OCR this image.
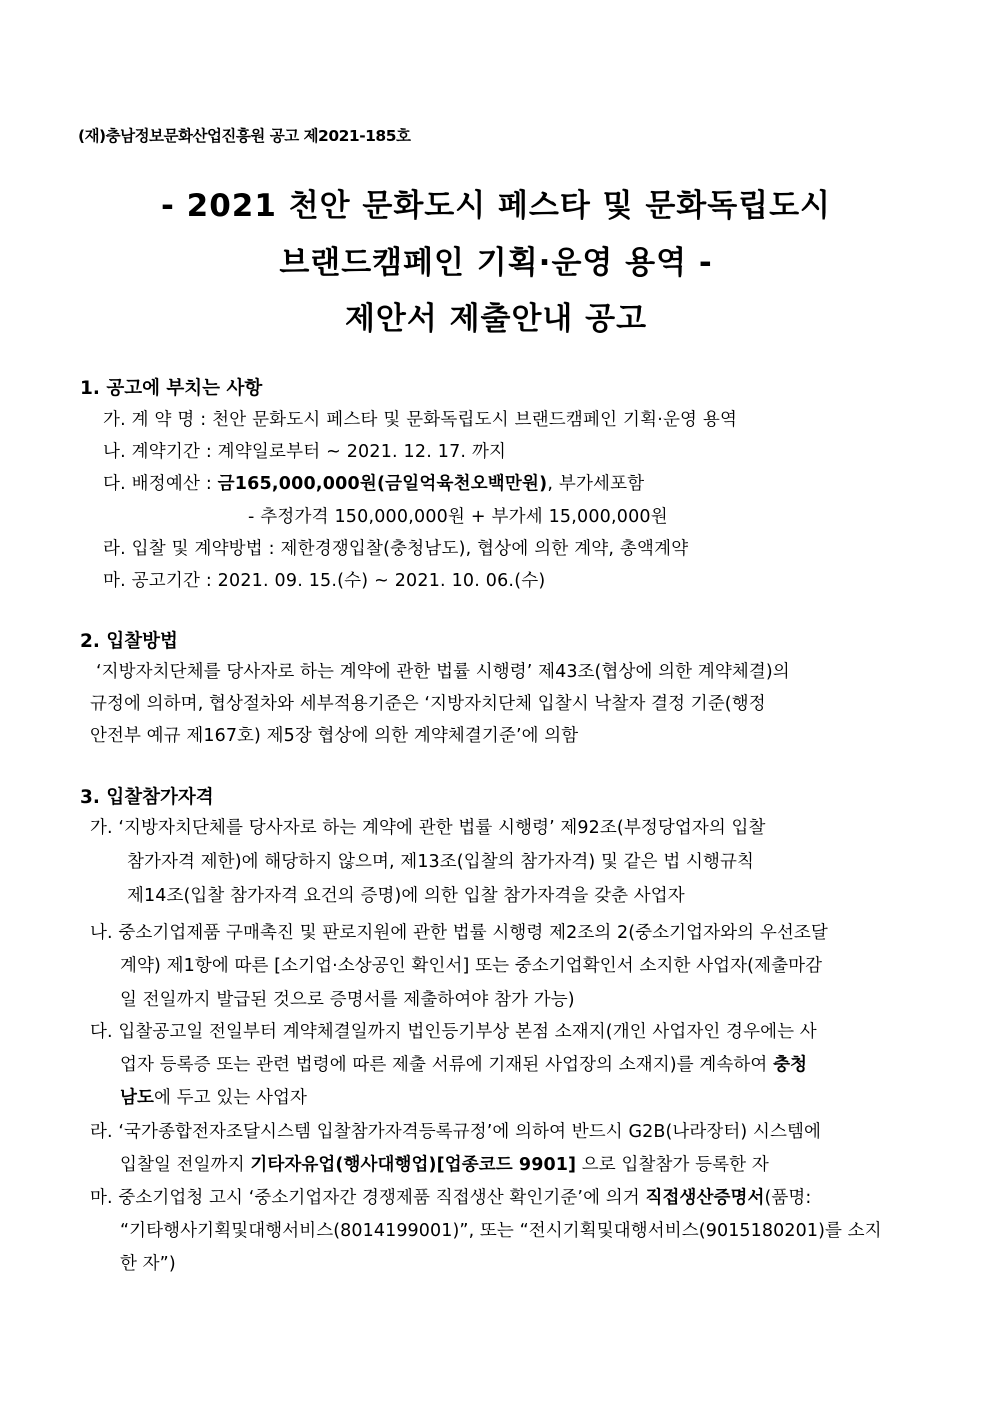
(재)충남정보문화산업진흥원 공고 제2021-185호
- 2021 천안 문화도시 페스타 및 문화독립도시
브랜드캠페인 기획·운영 용역 -
제안서 제출안내 공고
1. 공고에 부치는 사항
가. 계 약 명 : 천안 문화도시 페스타 및 문화독립도시 브랜드캠페인 기획·운영 용역
나. 계약기간 : 계약일로부터 ~ 2021. 12. 17. 까지
다. 배정예산 : 금165,000,000원(금일억육천오백만원), 부가세포함
- 추정가격 150,000,000원 + 부가세 15,000,000원
라. 입찰 및 계약방법 : 제한경쟁입찰(충청남도), 협상에 의한 계약, 총액계약
마. 공고기간 : 2021. 09. 15.(수) ~ 2021. 10. 06.(수)
2. 입찰방법
‘지방자치단체를 당사자로 하는 계약에 관한 법률 시행령’ 제43조(협상에 의한 계약체결)의
규정에 의하며, 협상절차와 세부적용기준은 ‘지방자치단체 입찰시 낙찰자 결정 기준(행정
안전부 예규 제167호) 제5장 협상에 의한 계약체결기준’에 의함
3. 입찰참가자격
가. ‘지방자치단체를 당사자로 하는 계약에 관한 법률 시행령’ 제92조(부정당업자의 입찰
참가자격 제한)에 해당하지 않으며, 제13조(입찰의 참가자격) 및 같은 법 시행규칙
제14조(입찰 참가자격 요건의 증명)에 의한 입찰 참가자격을 갖춘 사업자
나. 중소기업제품 구매촉진 및 판로지원에 관한 법률 시행령 제2조의 2(중소기업자와의 우선조달
계약) 제1항에 따른 [소기업·소상공인 확인서] 또는 중소기업확인서 소지한 사업자(제출마감
일 전일까지 발급된 것으로 증명서를 제출하여야 참가 가능)
다. 입찰공고일 전일부터 계약체결일까지 법인등기부상 본점 소재지(개인 사업자인 경우에는 사
업자 등록증 또는 관련 법령에 따른 제출 서류에 기재된 사업장의 소재지)를 계속하여 충청
남도에 두고 있는 사업자
라. ‘국가종합전자조달시스템 입찰참가자격등록규정’에 의하여 반드시 G2B(나라장터) 시스템에
입찰일 전일까지 기타자유업(행사대행업)[업종코드 9901] 으로 입찰참가 등록한 자
마. 중소기업청 고시 ‘중소기업자간 경쟁제품 직접생산 확인기준’에 의거 직접생산증명서(품명:
“기타행사기획및대행서비스(8014199001)”, 또는 “전시기획및대행서비스(9015180201)를 소지
한 자”)
